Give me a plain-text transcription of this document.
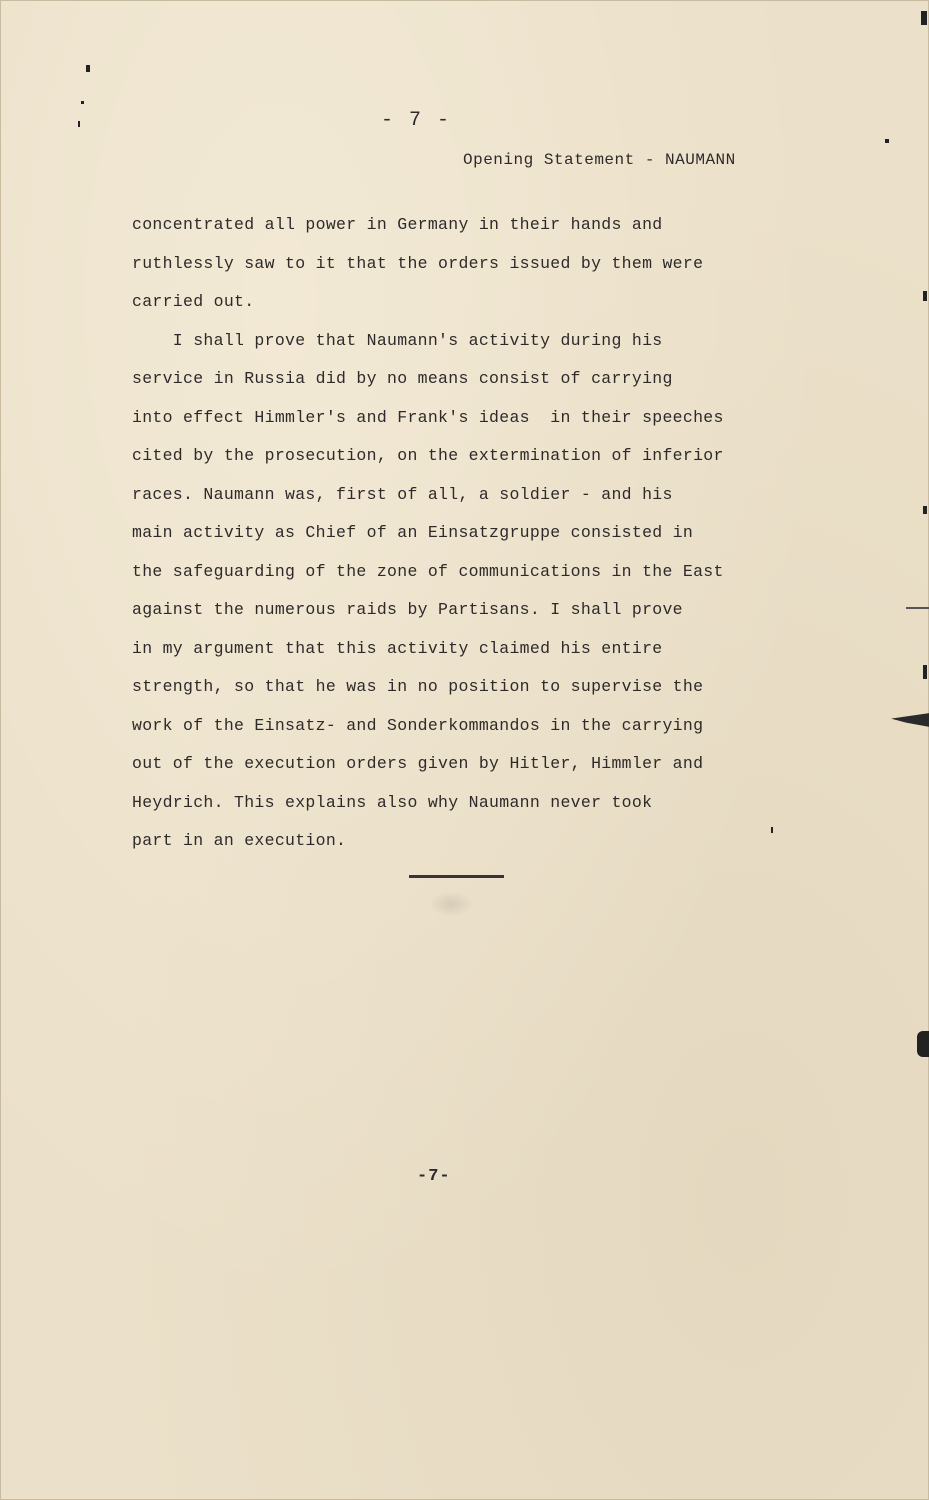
- 7 -
Opening Statement - NAUMANN
concentrated all power in Germany in their hands and
ruthlessly saw to it that the orders issued by them were
carried out.
I shall prove that Naumann's activity during his
service in Russia did by no means consist of carrying
into effect Himmler's and Frank's ideas  in their speeches
cited by the prosecution, on the extermination of inferior
races. Naumann was, first of all, a soldier - and his
main activity as Chief of an Einsatzgruppe consisted in
the safeguarding of the zone of communications in the East
against the numerous raids by Partisans. I shall prove
in my argument that this activity claimed his entire
strength, so that he was in no position to supervise the
work of the Einsatz- and Sonderkommandos in the carrying
out of the execution orders given by Hitler, Himmler and
Heydrich. This explains also why Naumann never took
part in an execution.
-7-
